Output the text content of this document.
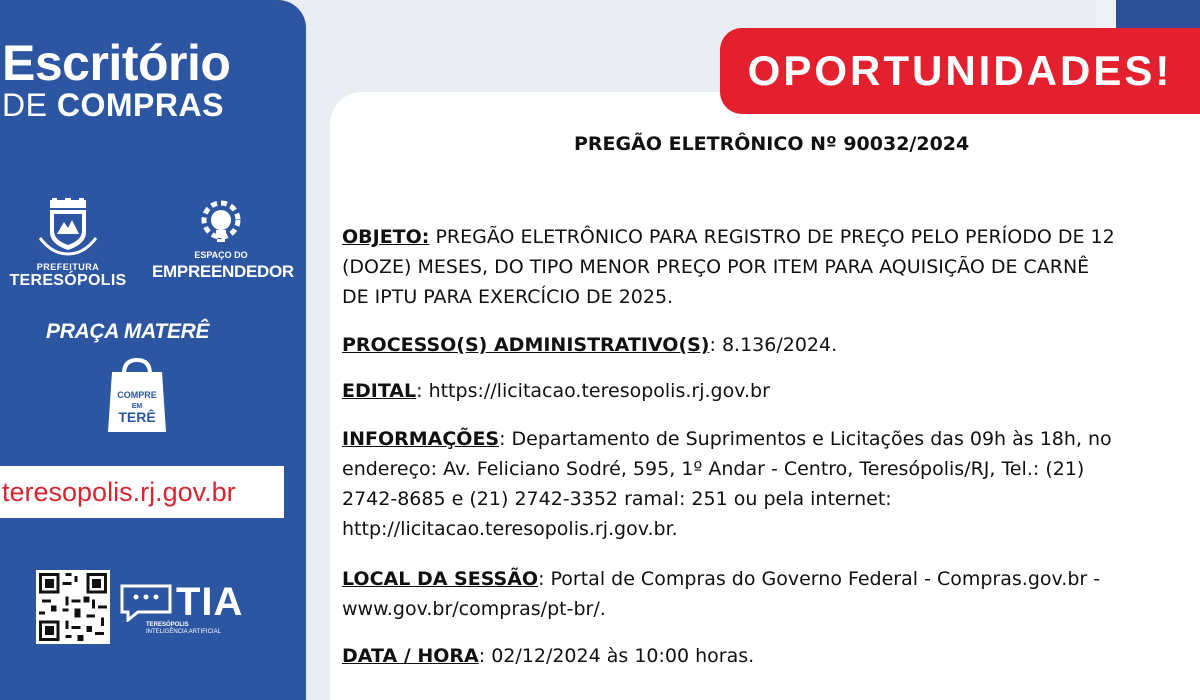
Escritório
DE COMPRAS
PREFEITURA
TERESÓPOLIS
ESPAÇO DO
EMPREENDEDOR
PRAÇA MATERÊ
COMPRE
EM
TERÊ
teresopolis.rj.gov.br
TIA
TERESÓPOLIS
INTELIGÊNCIA ARTIFICIAL
OPORTUNIDADES!
PREGÃO ELETRÔNICO Nº 90032/2024
OBJETO: PREGÃO ELETRÔNICO PARA REGISTRO DE PREÇO PELO PERÍODO DE 12
(DOZE) MESES, DO TIPO MENOR PREÇO POR ITEM PARA AQUISIÇÃO DE CARNÊ
DE IPTU PARA EXERCÍCIO DE 2025.
PROCESSO(S) ADMINISTRATIVO(S): 8.136/2024.
EDITAL: https://licitacao.teresopolis.rj.gov.br
INFORMAÇÕES: Departamento de Suprimentos e Licitações das 09h às 18h, no
endereço: Av. Feliciano Sodré, 595, 1º Andar - Centro, Teresópolis/RJ, Tel.: (21)
2742-8685 e (21) 2742-3352 ramal: 251 ou pela internet:
http://licitacao.teresopolis.rj.gov.br.
LOCAL DA SESSÃO: Portal de Compras do Governo Federal - Compras.gov.br -
www.gov.br/compras/pt-br/.
DATA / HORA: 02/12/2024 às 10:00 horas.
